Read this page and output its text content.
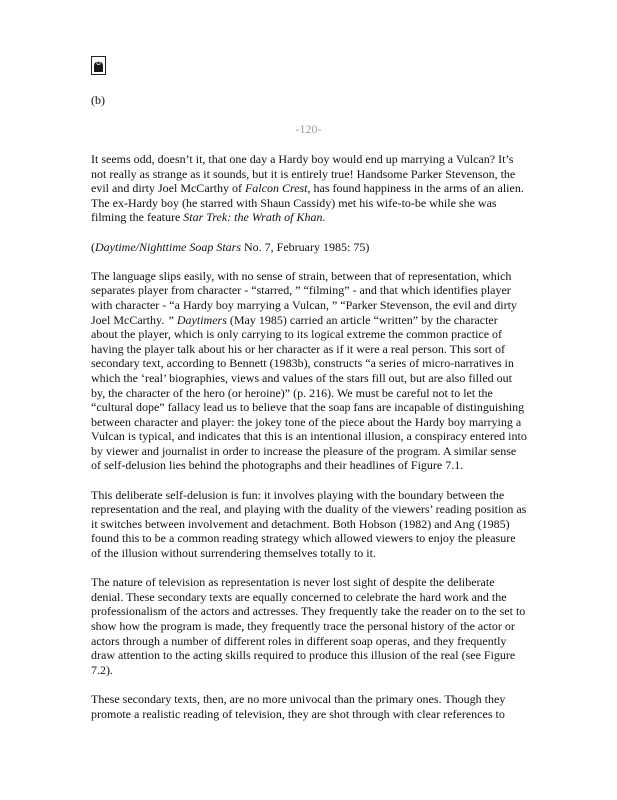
(b)
-120-

It seems odd, doesn’t it, that one day a Hardy boy would end up marrying a Vulcan? It’s not really as strange as it sounds, but it is entirely true! Handsome Parker Stevenson, the evil and dirty Joel McCarthy of Falcon Crest, has found happiness in the arms of an alien. The ex-Hardy boy (he starred with Shaun Cassidy) met his wife-to-be while she was filming the feature Star Trek: the Wrath of Khan.

(Daytime/Nighttime Soap Stars No. 7, February 1985: 75)

The language slips easily, with no sense of strain, between that of representation, which separates player from character - “starred, ” “filming” - and that which identifies player with character - “a Hardy boy marrying a Vulcan, ” “Parker Stevenson, the evil and dirty Joel McCarthy. ” Daytimers (May 1985) carried an article “written” by the character about the player, which is only carrying to its logical extreme the common practice of having the player talk about his or her character as if it were a real person. This sort of secondary text, according to Bennett (1983b), constructs “a series of micro-narratives in which the ‘real’ biographies, views and values of the stars fill out, but are also filled out by, the character of the hero (or heroine)” (p. 216). We must be careful not to let the “cultural dope” fallacy lead us to believe that the soap fans are incapable of distinguishing between character and player: the jokey tone of the piece about the Hardy boy marrying a Vulcan is typical, and indicates that this is an intentional illusion, a conspiracy entered into by viewer and journalist in order to increase the pleasure of the program. A similar sense of self-delusion lies behind the photographs and their headlines of Figure 7.1.

This deliberate self-delusion is fun: it involves playing with the boundary between the representation and the real, and playing with the duality of the viewers’ reading position as it switches between involvement and detachment. Both Hobson (1982) and Ang (1985) found this to be a common reading strategy which allowed viewers to enjoy the pleasure of the illusion without surrendering themselves totally to it.

The nature of television as representation is never lost sight of despite the deliberate denial. These secondary texts are equally concerned to celebrate the hard work and the professionalism of the actors and actresses. They frequently take the reader on to the set to show how the program is made, they frequently trace the personal history of the actor or actors through a number of different roles in different soap operas, and they frequently draw attention to the acting skills required to produce this illusion of the real (see Figure 7.2).

These secondary texts, then, are no more univocal than the primary ones. Though they promote a realistic reading of television, they are shot through with clear references to
